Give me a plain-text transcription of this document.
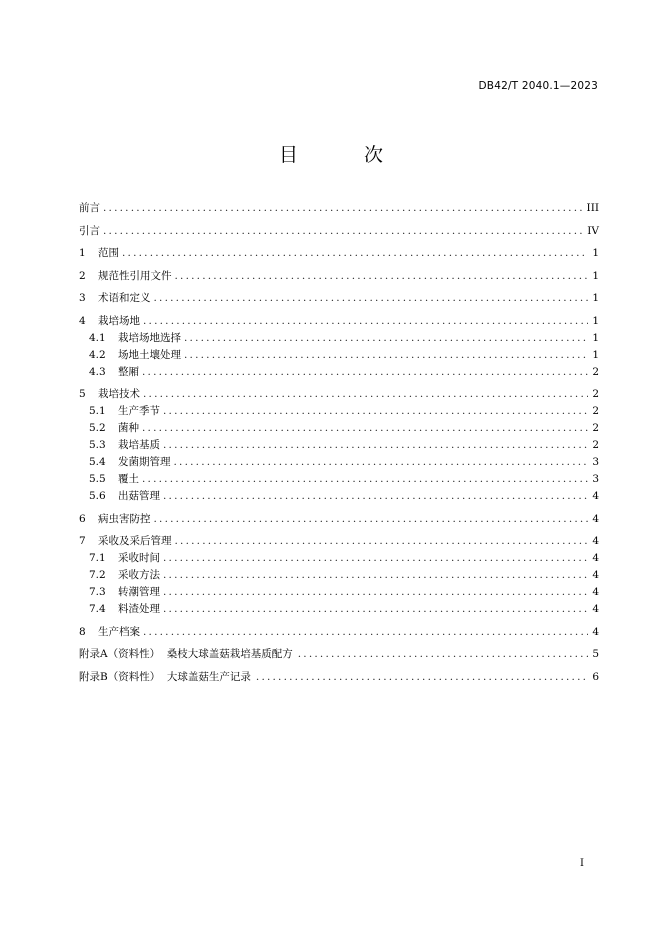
DB42/T 2040.1—2023
目 次
前言 .....	III
引言 .....	IV
1	范围 .....	1
2	规范性引用文件 .....	1
3	术语和定义 .....	1
4	栽培场地 .....	1
4.1	栽培场地选择 .....	1
4.2	场地土壤处理 .....	1
4.3	整厢 .....	2
5	栽培技术 .....	2
5.1	生产季节 .....	2
5.2	菌种 .....	2
5.3	栽培基质 .....	2
5.4	发菌期管理 .....	3
5.5	覆土 .....	3
5.6	出菇管理 .....	4
6	病虫害防控 .....	4
7	采收及采后管理 .....	4
7.1	采收时间 .....	4
7.2	采收方法 .....	4
7.3	转潮管理 .....	4
7.4	料渣处理 .....	4
8	生产档案 .....	4
附录A（资料性）  桑枝大球盖菇栽培基质配方 .....	5
附录B（资料性）  大球盖菇生产记录 .....	6
I
